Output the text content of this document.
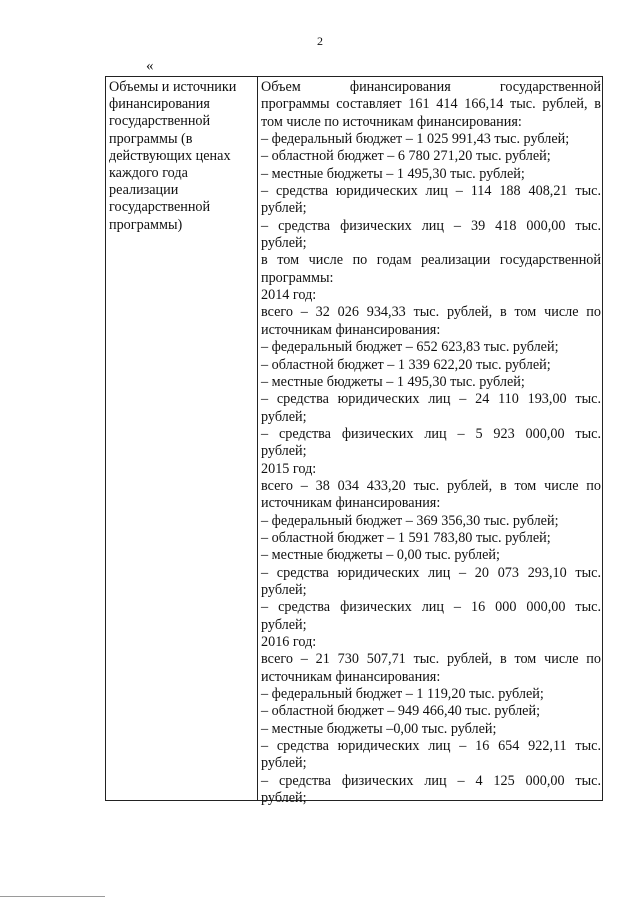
2
«
Объемы и источники
финансирования
государственной
программы (в
действующих ценах
каждого года
реализации
государственной
программы)
Объем финансирования государственной
программы составляет 161 414 166,14 тыс. рублей, в
том числе по источникам финансирования:
– федеральный бюджет – 1 025 991,43 тыс. рублей;
– областной бюджет – 6 780 271,20 тыс. рублей;
– местные бюджеты – 1 495,30 тыс. рублей;
– средства юридических лиц – 114 188 408,21 тыс.
рублей;
– средства физических лиц – 39 418 000,00 тыс.
рублей;
в том числе по годам реализации государственной
программы:
2014 год:
всего – 32 026 934,33 тыс. рублей, в том числе по
источникам финансирования:
– федеральный бюджет – 652 623,83 тыс. рублей;
– областной бюджет – 1 339 622,20 тыс. рублей;
– местные бюджеты – 1 495,30 тыс. рублей;
– средства юридических лиц – 24 110 193,00 тыс.
рублей;
– средства физических лиц – 5 923 000,00 тыс.
рублей;
2015 год:
всего – 38 034 433,20 тыс. рублей, в том числе по
источникам финансирования:
– федеральный бюджет – 369 356,30 тыс. рублей;
– областной бюджет – 1 591 783,80 тыс. рублей;
– местные бюджеты – 0,00 тыс. рублей;
– средства юридических лиц – 20 073 293,10 тыс.
рублей;
– средства физических лиц – 16 000 000,00 тыс.
рублей;
2016 год:
всего – 21 730 507,71 тыс. рублей, в том числе по
источникам финансирования:
– федеральный бюджет – 1 119,20 тыс. рублей;
– областной бюджет – 949 466,40 тыс. рублей;
– местные бюджеты –0,00 тыс. рублей;
– средства юридических лиц – 16 654 922,11 тыс.
рублей;
– средства физических лиц – 4 125 000,00 тыс.
рублей;
